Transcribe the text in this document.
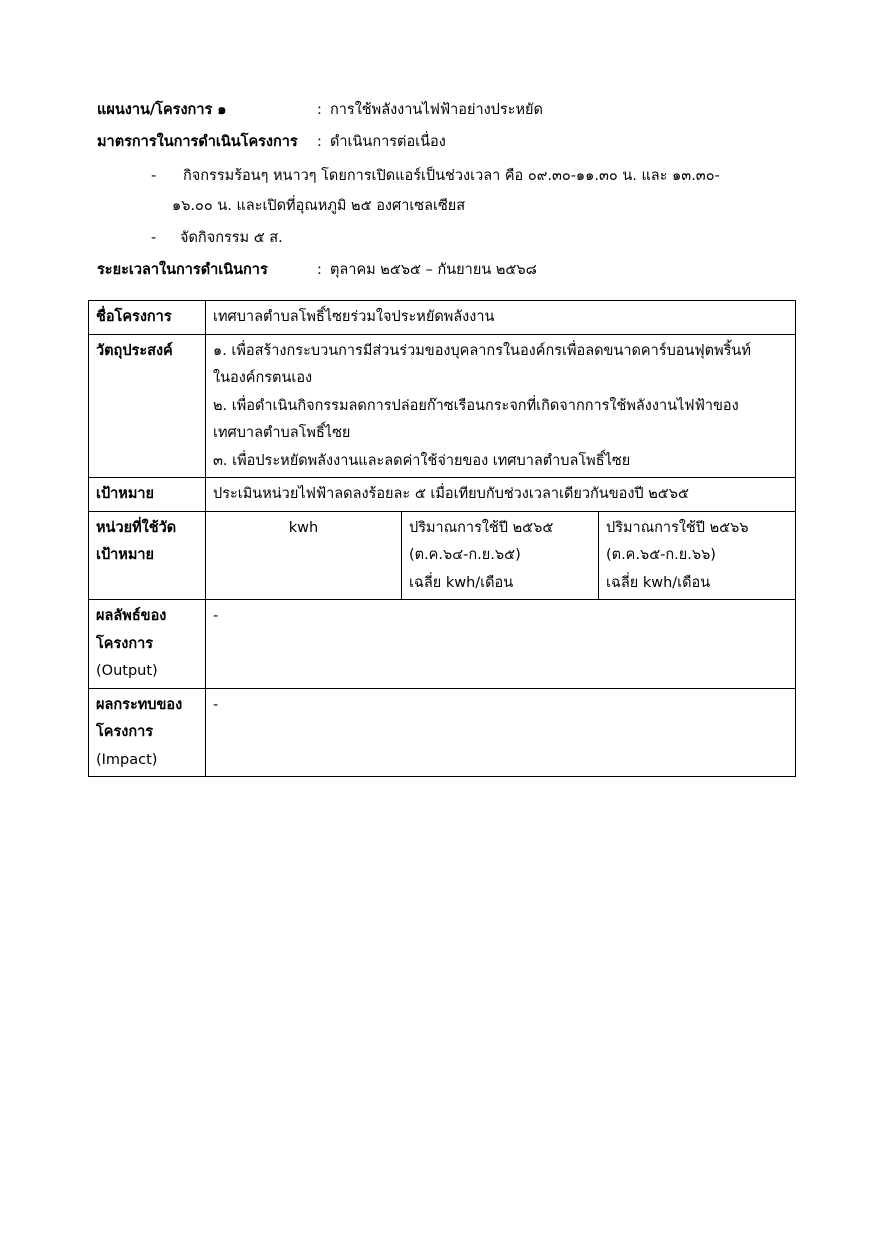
แผนงาน/โครงการ ๑	: การใช้พลังงานไฟฟ้าอย่างประหยัด
มาตรการในการดำเนินโครงการ : ดำเนินการต่อเนื่อง
- กิจกรรมร้อนๆ หนาวๆ โดยการเปิดแอร์เป็นช่วงเวลา คือ ๐๙.๓๐-๑๑.๓๐ น. และ ๑๓.๓๐-
๑๖.๐๐ น. และเปิดที่อุณหภูมิ ๒๕ องศาเซลเซียส
- จัดกิจกรรม ๕ ส.
ระยะเวลาในการดำเนินการ	: ตุลาคม ๒๕๖๕ – กันยายน ๒๕๖๘
ชื่อโครงการ	เทศบาลตำบลโพธิ์ไซยร่วมใจประหยัดพลังงาน		
วัตถุประสงค์	๑. เพื่อสร้างกระบวนการมีส่วนร่วมของบุคลากรในองค์กรเพื่อลดขนาดคาร์บอนฟุตพริ้นท์
ในองค์กรตนเอง
๒. เพื่อดำเนินกิจกรรมลดการปล่อยก๊าซเรือนกระจกที่เกิดจากการใช้พลังงานไฟฟ้าของ
เทศบาลตำบลโพธิ์ไซย
๓. เพื่อประหยัดพลังงานและลดค่าใช้จ่ายของ เทศบาลตำบลโพธิ์ไซย		

เป้าหมาย	ประเมินหน่วยไฟฟ้าลดลงร้อยละ ๕ เมื่อเทียบกับช่วงเวลาเดียวกันของปี ๒๕๖๕		

หน่วยที่ใช้วัด
เป้าหมาย	kwh	ปริมาณการใช้ปี ๒๕๖๕
(ต.ค.๖๔-ก.ย.๖๕)
เฉลี่ย kwh/เดือน	ปริมาณการใช้ปี ๒๕๖๖
(ต.ค.๖๕-ก.ย.๖๖)
เฉลี่ย kwh/เดือน

ผลลัพธ์ของ
โครงการ
(Output)	-		

ผลกระทบของ
โครงการ
(Impact)	-		
